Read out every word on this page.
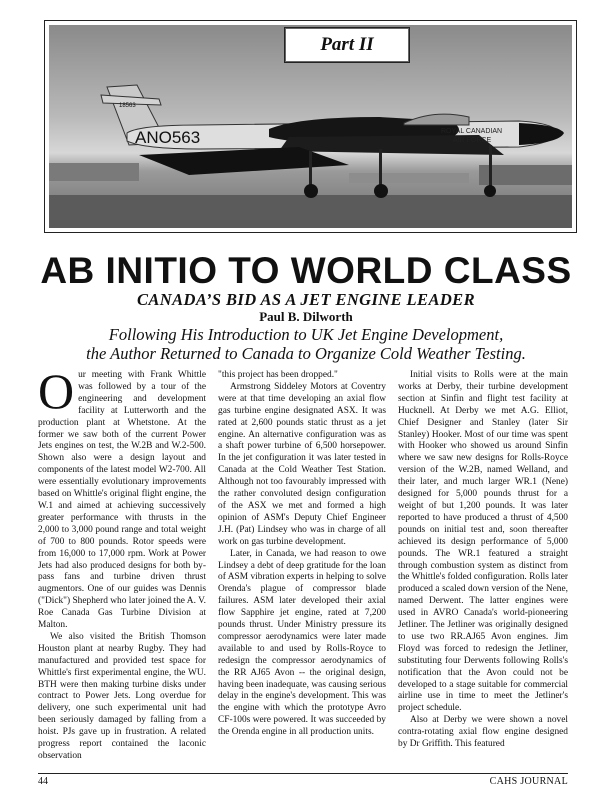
ANO563
18563
ROYAL CANADIAN
AIR FORCE
Part II
AB INITIO TO WORLD CLASS
CANADA’S BID AS A JET ENGINE LEADER
Paul B. Dilworth
Following His Introduction to UK Jet Engine Development,
the Author Returned to Canada to Organize Cold Weather Testing.

Our meeting with Frank Whittle was followed by a tour of the engineering and development facility at Lutterworth and the production plant at Whetstone. At the former we saw both of the current Power Jets engines on test, the W.2B and W.2-500. Shown also were a design layout and components of the latest model W2-700. All were essentially evolutionary improvements based on Whittle's original flight engine, the W.1 and aimed at achieving successively greater performance with thrusts in the 2,000 to 3,000 pound range and total weight of 700 to 800 pounds. Rotor speeds were from 16,000 to 17,000 rpm. Work at Power Jets had also produced designs for both by-pass fans and turbine driven thrust augmentors. One of our guides was Dennis ("Dick") Shepherd who later joined the A. V. Roe Canada Gas Turbine Division at Malton.

We also visited the British Thomson Houston plant at nearby Rugby. They had manufactured and provided test space for Whittle's first experimental engine, the WU. BTH were then making turbine disks under contract to Power Jets. Long overdue for delivery, one such experimental unit had been seriously damaged by falling from a hoist. PJs gave up in frustration. A related progress report contained the laconic observation

"this project has been dropped."

Armstrong Siddeley Motors at Coventry were at that time developing an axial flow gas turbine engine designated ASX. It was rated at 2,600 pounds static thrust as a jet engine. An alternative configuration was as a shaft power turbine of 6,500 horsepower. In the jet configuration it was later tested in Canada at the Cold Weather Test Station. Although not too favourably impressed with the rather convoluted design configuration of the ASX we met and formed a high opinion of ASM's Deputy Chief Engineer J.H. (Pat) Lindsey who was in charge of all work on gas turbine development.

Later, in Canada, we had reason to owe Lindsey a debt of deep gratitude for the loan of ASM vibration experts in helping to solve Orenda's plague of compressor blade failures. ASM later developed their axial flow Sapphire jet engine, rated at 7,200 pounds thrust. Under Ministry pressure its compressor aerodynamics were later made available to and used by Rolls-Royce to redesign the compressor aerodynamics of the RR AJ65 Avon -- the original design, having been inadequate, was causing serious delay in the engine's development. This was the engine with which the prototype Avro CF-100s were powered. It was succeeded by the Orenda engine in all production units.

Initial visits to Rolls were at the main works at Derby, their turbine development section at Sinfin and flight test facility at Hucknell. At Derby we met A.G. Elliot, Chief Designer and Stanley (later Sir Stanley) Hooker. Most of our time was spent with Hooker who showed us around Sinfin where we saw new designs for Rolls-Royce version of the W.2B, named Welland, and their later, and much larger WR.1 (Nene) designed for 5,000 pounds thrust for a weight of but 1,200 pounds. It was later reported to have produced a thrust of 4,500 pounds on initial test and, soon thereafter achieved its design performance of 5,000 pounds. The WR.1 featured a straight through combustion system as distinct from the Whittle's folded configuration. Rolls later produced a scaled down version of the Nene, named Derwent. The latter engines were used in AVRO Canada's world-pioneering Jetliner. The Jetliner was originally designed to use two RR.AJ65 Avon engines. Jim Floyd was forced to redesign the Jetliner, substituting four Derwents following Rolls's notification that the Avon could not be developed to a stage suitable for commercial airline use in time to meet the Jetliner's project schedule.

Also at Derby we were shown a novel contra-rotating axial flow engine designed by Dr Griffith. This featured

44	CAHS JOURNAL
